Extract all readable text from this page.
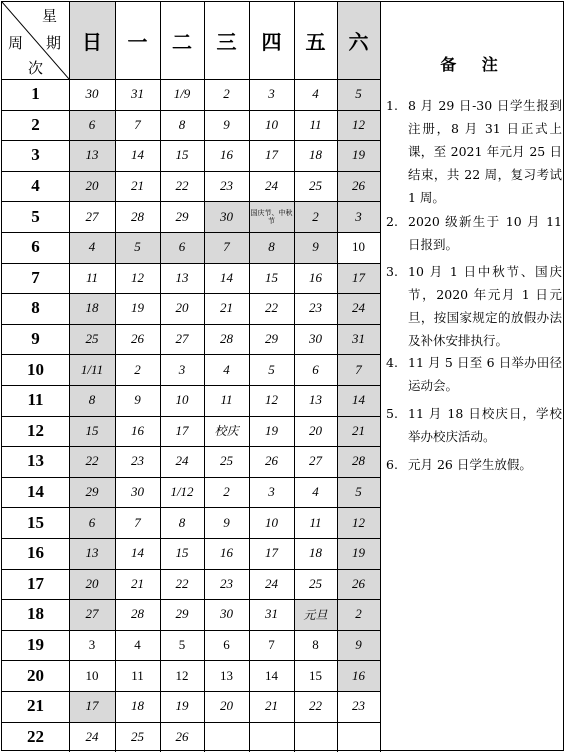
星
周 期
次
日	一	二	三	四	五	六
1	30	31	1/9	2	3	4	5
2	6	7	8	9	10	11	12
3	13	14	15	16	17	18	19
4	20	21	22	23	24	25	26
5	27	28	29	30	国庆节、中秋节	2	3
6	4	5	6	7	8	9	10
7	11	12	13	14	15	16	17
8	18	19	20	21	22	23	24
9	25	26	27	28	29	30	31
10	1/11	2	3	4	5	6	7
11	8	9	10	11	12	13	14
12	15	16	17	校庆	19	20	21
13	22	23	24	25	26	27	28
14	29	30	1/12	2	3	4	5
15	6	7	8	9	10	11	12
16	13	14	15	16	17	18	19
17	20	21	22	23	24	25	26
18	27	28	29	30	31	元旦	2
19	3	4	5	6	7	8	9
20	10	11	12	13	14	15	16
21	17	18	19	20	21	22	23
22	24	25	26
备 注
1. 8 月 29 日-30 日学生报到注册，8 月 31 日正式上课，至 2021 年元月 25 日结束，共 22 周，复习考试 1 周。
2. 2020 级新生于 10 月 11 日报到。
3. 10 月 1 日中秋节、国庆节，2020 年元月 1 日元旦，按国家规定的放假办法及补休安排执行。
4. 11 月 5 日至 6 日举办田径运动会。
5. 11 月 18 日校庆日，学校举办校庆活动。
6. 元月 26 日学生放假。
